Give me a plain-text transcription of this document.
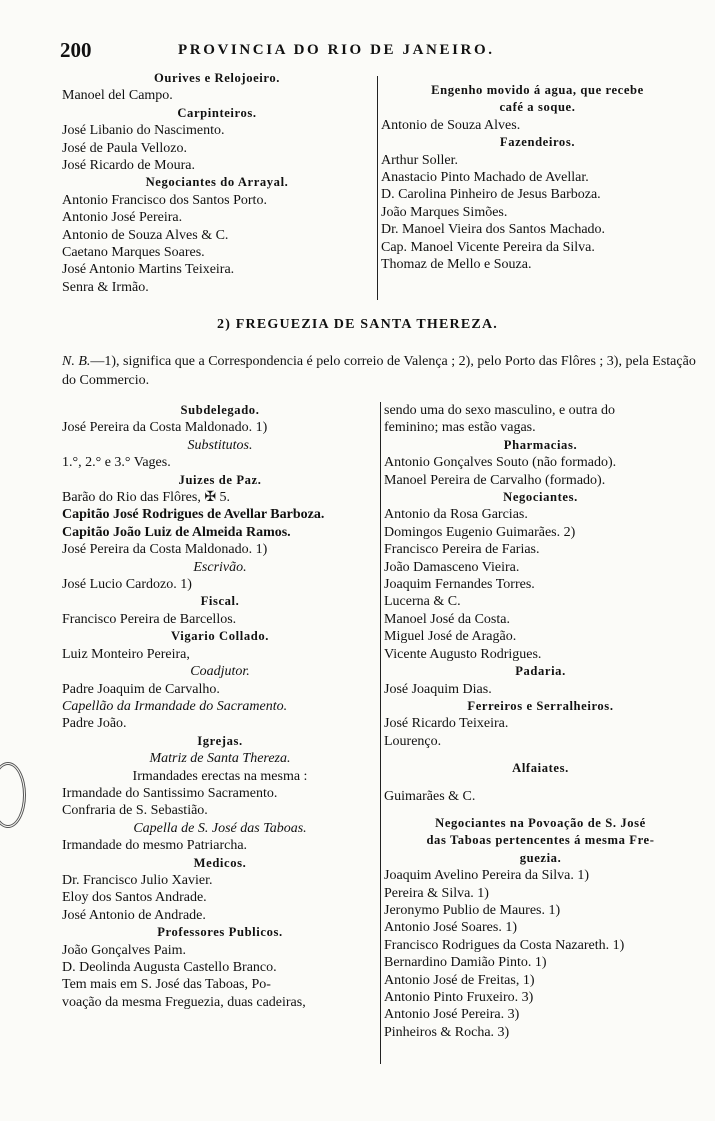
200	PROVINCIA DO RIO DE JANEIRO.
Ourives e Relojoeiro.
Manoel del Campo.
Carpinteiros.
José Libanio do Nascimento.
José de Paula Vellozo.
José Ricardo de Moura.
Negociantes do Arrayal.
Antonio Francisco dos Santos Porto.
Antonio José Pereira.
Antonio de Souza Alves & C.
Caetano Marques Soares.
José Antonio Martins Teixeira.
Senra & Irmão.
Engenho movido á agua, que recebe
café a soque.
Antonio de Souza Alves.
Fazendeiros.
Arthur Soller.
Anastacio Pinto Machado de Avellar.
D. Carolina Pinheiro de Jesus Barboza.
João Marques Simões.
Dr. Manoel Vieira dos Santos Machado.
Cap. Manoel Vicente Pereira da Silva.
Thomaz de Mello e Souza.
2) FREGUEZIA DE SANTA THEREZA.
N. B.—1), significa que a Correspondencia é pelo correio de Valença ; 2), pelo Porto das Flôres ; 3), pela Estação do Commercio.
Subdelegado.
José Pereira da Costa Maldonado. 1)
Substitutos.
1.°, 2.° e 3.° Vages.
Juizes de Paz.
Barão do Rio das Flôres, ✠ 5.
Capitão José Rodrigues de Avellar Barboza.
Capitão João Luiz de Almeida Ramos.
José Pereira da Costa Maldonado. 1)
Escrivão.
José Lucio Cardozo. 1)
Fiscal.
Francisco Pereira de Barcellos.
Vigario Collado.
Luiz Monteiro Pereira,
Coadjutor.
Padre Joaquim de Carvalho.
Capellão da Irmandade do Sacramento.
Padre João.
Igrejas.
Matriz de Santa Thereza.
Irmandades erectas na mesma :
Irmandade do Santissimo Sacramento.
Confraria de S. Sebastião.
Capella de S. José das Taboas.
Irmandade do mesmo Patriarcha.
Medicos.
Dr. Francisco Julio Xavier.
Eloy dos Santos Andrade.
José Antonio de Andrade.
Professores Publicos.
João Gonçalves Paim.
D. Deolinda Augusta Castello Branco.
Tem mais em S. José das Taboas, Po-
voação da mesma Freguezia, duas cadeiras,
sendo uma do sexo masculino, e outra do
feminino; mas estão vagas.
Pharmacias.
Antonio Gonçalves Souto (não formado).
Manoel Pereira de Carvalho (formado).
Negociantes.
Antonio da Rosa Garcias.
Domingos Eugenio Guimarães. 2)
Francisco Pereira de Farias.
João Damasceno Vieira.
Joaquim Fernandes Torres.
Lucerna & C.
Manoel José da Costa.
Miguel José de Aragão.
Vicente Augusto Rodrigues.
Padaria.
José Joaquim Dias.
Ferreiros e Serralheiros.
José Ricardo Teixeira.
Lourenço.
Alfaiates.
Guimarães & C.
Negociantes na Povoação de S. José
das Taboas pertencentes á mesma Fre-
guezia.
Joaquim Avelino Pereira da Silva. 1)
Pereira & Silva. 1)
Jeronymo Publio de Maures. 1)
Antonio José Soares. 1)
Francisco Rodrigues da Costa Nazareth. 1)
Bernardino Damião Pinto. 1)
Antonio José de Freitas, 1)
Antonio Pinto Fruxeiro. 3)
Antonio José Pereira. 3)
Pinheiros & Rocha. 3)
